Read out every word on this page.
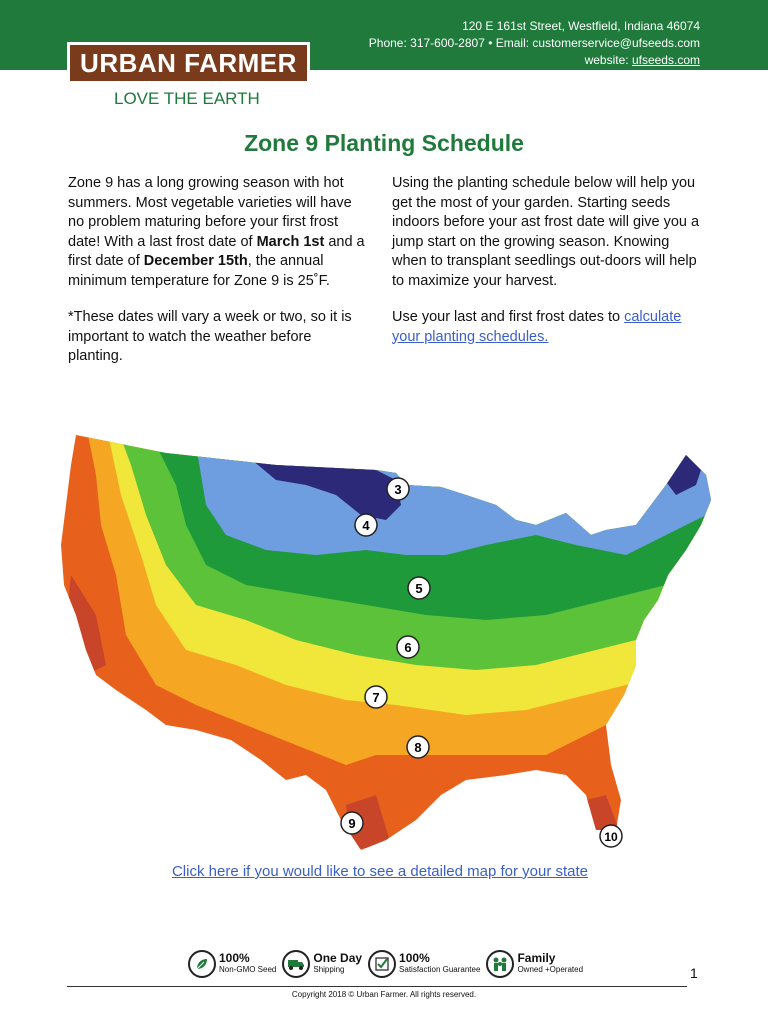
120 E 161st Street, Westfield, Indiana 46074
Phone: 317-600-2807 • Email: customerservice@ufseeds.com
website: ufseeds.com
URBAN FARMER
LOVE THE EARTH
Zone 9 Planting Schedule

Zone 9 has a long growing season with hot summers. Most vegetable varieties will have no problem maturing before your first frost date! With a last frost date of March 1st and a first date of December 15th, the annual minimum temperature for Zone 9 is 25˚F.

*These dates will vary a week or two, so it is important to watch the weather before planting.

Using the planting schedule below will help you get the most of your garden. Starting seeds indoors before your ast frost date will give you a jump start on the growing season. Knowing when to transplant seedlings out-doors will help to maximize your harvest.

Use your last and first frost dates to calculate your planting schedules.

3
4
5
6
7
8
9
10
Click here if you would like to see a detailed map for your state
100%
Non-GMO Seed
One Day
Shipping
100%
Satisfaction Guarantee
Family
Owned +Operated	1
Copyright 2018 © Urban Farmer. All rights reserved.
